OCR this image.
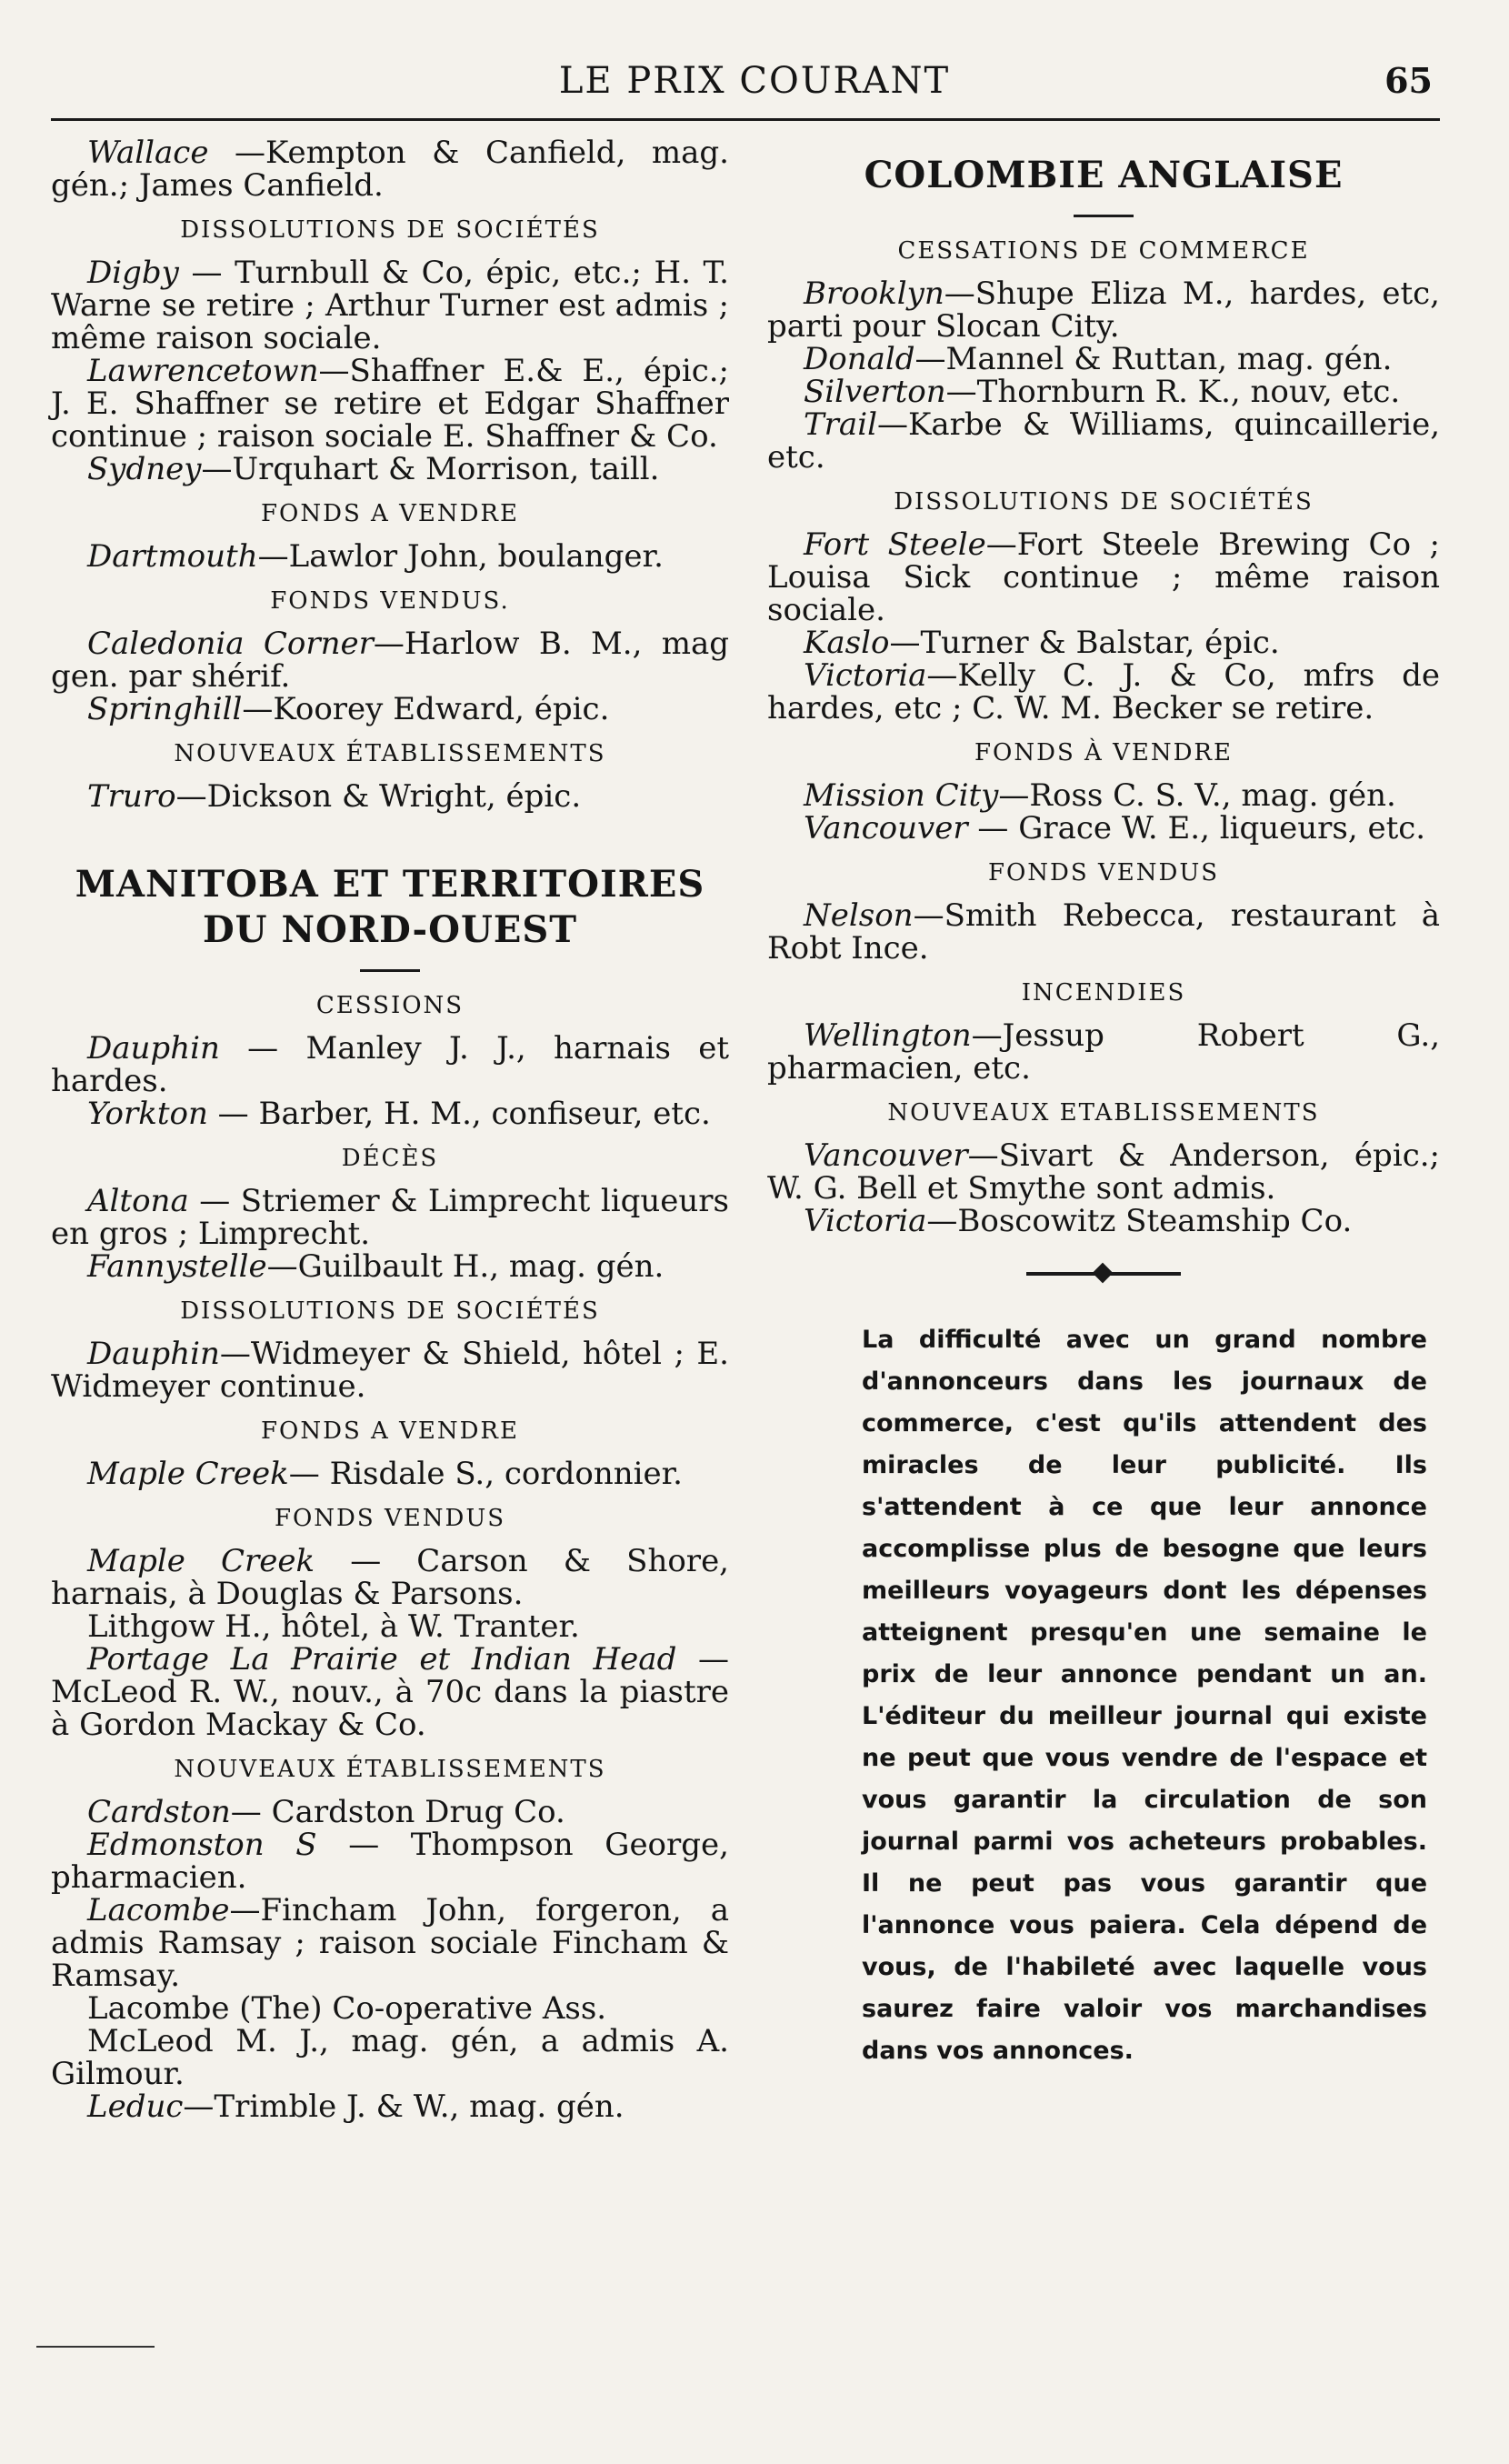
LE PRIX COURANT	65

Wallace —Kempton & Canfield, mag. gén.; James Canfield.

DISSOLUTIONS DE SOCIÉTÉS

Digby — Turnbull & Co, épic, etc.; H. T. Warne se retire ; Arthur Turner est admis ; même raison sociale.

Lawrencetown—Shaffner E.& E., épic.; J. E. Shaffner se retire et Edgar Shaffner continue ; raison sociale E. Shaffner & Co.

Sydney—Urquhart & Morrison, taill.

FONDS A VENDRE

Dartmouth—Lawlor John, boulanger.

FONDS VENDUS.

Caledonia Corner—Harlow B. M., mag gen. par shérif.

Springhill—Koorey Edward, épic.

NOUVEAUX ÉTABLISSEMENTS

Truro—Dickson & Wright, épic.

MANITOBA ET TERRITOIRES
DU NORD-OUEST
CESSIONS

Dauphin — Manley J. J., harnais et hardes.

Yorkton — Barber, H. M., confiseur, etc.

DÉCÈS

Altona — Striemer & Limprecht liqueurs en gros ; Limprecht.

Fannystelle—Guilbault H., mag. gén.

DISSOLUTIONS DE SOCIÉTÉS

Dauphin—Widmeyer & Shield, hôtel ; E. Widmeyer continue.

FONDS A VENDRE

Maple Creek— Risdale S., cordonnier.

FONDS VENDUS

Maple Creek — Carson & Shore, harnais, à Douglas & Parsons.

Lithgow H., hôtel, à W. Tranter.

Portage La Prairie et Indian Head — McLeod R. W., nouv., à 70c dans la piastre à Gordon Mackay & Co.

NOUVEAUX ÉTABLISSEMENTS

Cardston— Cardston Drug Co.

Edmonston S — Thompson George, pharmacien.

Lacombe—Fincham John, forgeron, a admis Ramsay ; raison sociale Fincham & Ramsay.

Lacombe (The) Co-operative Ass.

McLeod M. J., mag. gén, a admis A. Gilmour.

Leduc—Trimble J. & W., mag. gén.

COLOMBIE ANGLAISE
CESSATIONS DE COMMERCE

Brooklyn—Shupe Eliza M., hardes, etc, parti pour Slocan City.

Donald—Mannel & Ruttan, mag. gén.

Silverton—Thornburn R. K., nouv, etc.

Trail—Karbe & Williams, quincaillerie, etc.

DISSOLUTIONS DE SOCIÉTÉS

Fort Steele—Fort Steele Brewing Co ; Louisa Sick continue ; même raison sociale.

Kaslo—Turner & Balstar, épic.

Victoria—Kelly C. J. & Co, mfrs de hardes, etc ; C. W. M. Becker se retire.

FONDS À VENDRE

Mission City—Ross C. S. V., mag. gén.

Vancouver — Grace W. E., liqueurs, etc.

FONDS VENDUS

Nelson—Smith Rebecca, restaurant à Robt Ince.

INCENDIES

Wellington—Jessup Robert G., pharmacien, etc.

NOUVEAUX ETABLISSEMENTS

Vancouver—Sivart & Anderson, épic.; W. G. Bell et Smythe sont admis.

Victoria—Boscowitz Steamship Co.

La difficulté avec un grand nombre d'annonceurs dans les journaux de commerce, c'est qu'ils attendent des miracles de leur publicité. Ils s'attendent à ce que leur annonce accomplisse plus de besogne que leurs meilleurs voyageurs dont les dépenses atteignent presqu'en une semaine le prix de leur annonce pendant un an. L'éditeur du meilleur journal qui existe ne peut que vous vendre de l'espace et vous garantir la circulation de son journal parmi vos acheteurs probables. Il ne peut pas vous garantir que l'annonce vous paiera. Cela dépend de vous, de l'habileté avec laquelle vous saurez faire valoir vos marchandises dans vos annonces.
